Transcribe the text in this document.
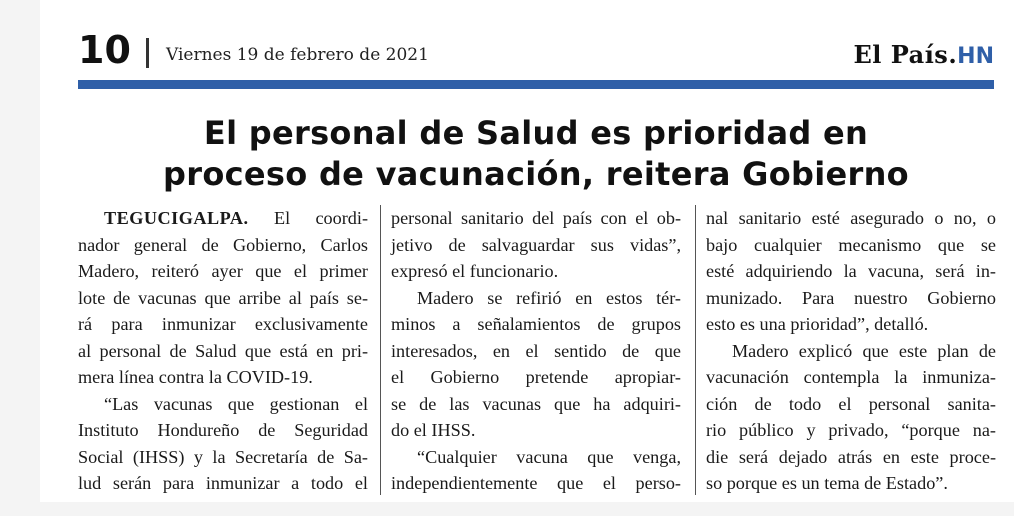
10 Viernes 19 de febrero de 2021	El País.HN
El personal de Salud es prioridad en
proceso de vacunación, reitera Gobierno
TEGUCIGALPA. El coordi-
nador general de Gobierno, Carlos
Madero, reiteró ayer que el primer
lote de vacunas que arribe al país se-
rá para inmunizar exclusivamente
al personal de Salud que está en pri-
mera línea contra la COVID-19.
“Las vacunas que gestionan el
Instituto Hondureño de Seguridad
Social (IHSS) y la Secretaría de Sa-
lud serán para inmunizar a todo el
personal sanitario del país con el ob-
jetivo de salvaguardar sus vidas”,
expresó el funcionario.
Madero se refirió en estos tér-
minos a señalamientos de grupos
interesados, en el sentido de que
el Gobierno pretende apropiar-
se de las vacunas que ha adquiri-
do el IHSS.
“Cualquier vacuna que venga,
independientemente que el perso-
nal sanitario esté asegurado o no, o
bajo cualquier mecanismo que se
esté adquiriendo la vacuna, será in-
munizado. Para nuestro Gobierno
esto es una prioridad”, detalló.
Madero explicó que este plan de
vacunación contempla la inmuniza-
ción de todo el personal sanita-
rio público y privado, “porque na-
die será dejado atrás en este proce-
so porque es un tema de Estado”.
